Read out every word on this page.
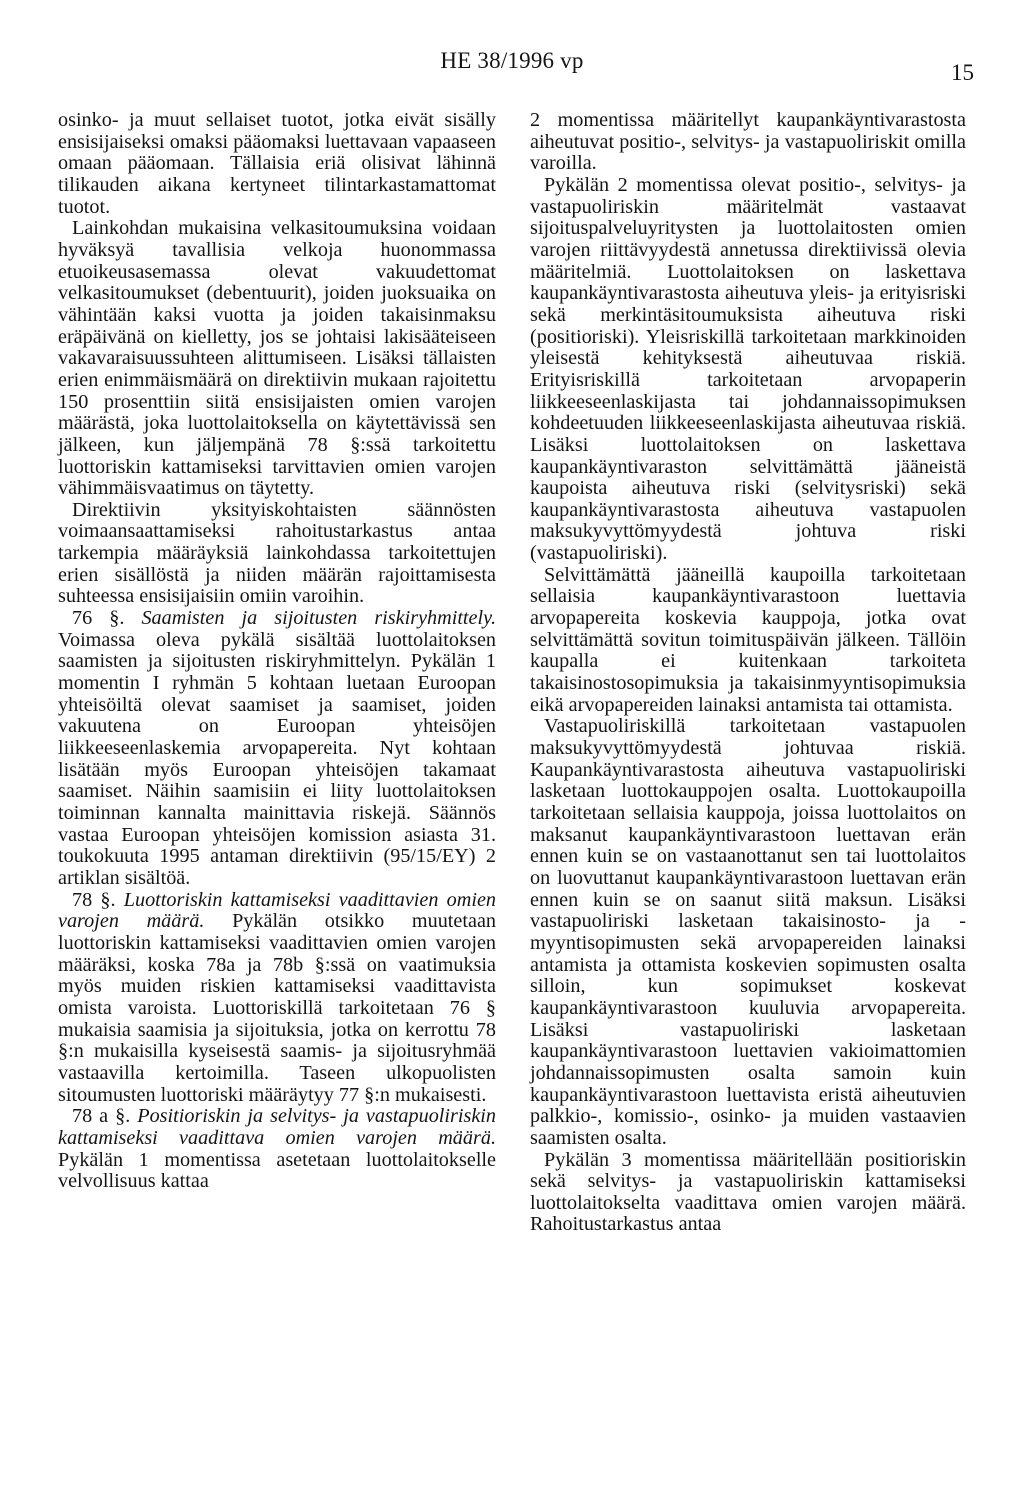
HE 38/1996 vp	15

osinko- ja muut sellaiset tuotot, jotka eivät sisälly ensisijaiseksi omaksi pääomaksi luettavaan vapaaseen omaan pääomaan. Tällaisia eriä olisivat lähinnä tilikauden aikana kertyneet tilintarkastamattomat tuotot.

Lainkohdan mukaisina velkasitoumuksina voidaan hyväksyä tavallisia velkoja huonommassa etuoikeusasemassa olevat vakuudettomat velkasitoumukset (debentuurit), joiden juoksuaika on vähintään kaksi vuotta ja joiden takaisinmaksu eräpäivänä on kielletty, jos se johtaisi lakisääteiseen vakavaraisuussuhteen alittumiseen. Lisäksi tällaisten erien enimmäismäärä on direktiivin mukaan rajoitettu 150 prosenttiin siitä ensisijaisten omien varojen määrästä, joka luottolaitoksella on käytettävissä sen jälkeen, kun jäljempänä 78 §:ssä tarkoitettu luottoriskin kattamiseksi tarvittavien omien varojen vähimmäisvaatimus on täytetty.

Direktiivin yksityiskohtaisten säännösten voimaansaattamiseksi rahoitustarkastus antaa tarkempia määräyksiä lainkohdassa tarkoitettujen erien sisällöstä ja niiden määrän rajoittamisesta suhteessa ensisijaisiin omiin varoihin.

76 §. Saamisten ja sijoitusten riskiryhmittely. Voimassa oleva pykälä sisältää luottolaitoksen saamisten ja sijoitusten riskiryhmittelyn. Pykälän 1 momentin I ryhmän 5 kohtaan luetaan Euroopan yhteisöiltä olevat saamiset ja saamiset, joiden vakuutena on Euroopan yhteisöjen liikkeeseenlaskemia arvopapereita. Nyt kohtaan lisätään myös Euroopan yhteisöjen takamaat saamiset. Näihin saamisiin ei liity luottolaitoksen toiminnan kannalta mainittavia riskejä. Säännös vastaa Euroopan yhteisöjen komission asiasta 31. toukokuuta 1995 antaman direktiivin (95/15/EY) 2 artiklan sisältöä.

78 §. Luottoriskin kattamiseksi vaadittavien omien varojen määrä. Pykälän otsikko muutetaan luottoriskin kattamiseksi vaadittavien omien varojen määräksi, koska 78a ja 78b §:ssä on vaatimuksia myös muiden riskien kattamiseksi vaadittavista omista varoista. Luottoriskillä tarkoitetaan 76 § mukaisia saamisia ja sijoituksia, jotka on kerrottu 78 §:n mukaisilla kyseisestä saamis- ja sijoitusryhmää vastaavilla kertoimilla. Taseen ulkopuolisten sitoumusten luottoriski määräytyy 77 §:n mukaisesti.

78 a §. Positioriskin ja selvitys- ja vastapuoliriskin kattamiseksi vaadittava omien varojen määrä. Pykälän 1 momentissa asetetaan luottolaitokselle velvollisuus kattaa

2 momentissa määritellyt kaupankäyntivarastosta aiheutuvat positio-, selvitys- ja vastapuoliriskit omilla varoilla.

Pykälän 2 momentissa olevat positio-, selvitys- ja vastapuoliriskin määritelmät vastaavat sijoituspalveluyritysten ja luottolaitosten omien varojen riittävyydestä annetussa direktiivissä olevia määritelmiä. Luottolaitoksen on laskettava kaupankäyntivarastosta aiheutuva yleis- ja erityisriski sekä merkintäsitoumuksista aiheutuva riski (positioriski). Yleisriskillä tarkoitetaan markkinoiden yleisestä kehityksestä aiheutuvaa riskiä. Erityisriskillä tarkoitetaan arvopaperin liikkeeseenlaskijasta tai johdannaissopimuksen kohdeetuuden liikkeeseenlaskijasta aiheutuvaa riskiä. Lisäksi luottolaitoksen on laskettava kaupankäyntivaraston selvittämättä jääneistä kaupoista aiheutuva riski (selvitysriski) sekä kaupankäyntivarastosta aiheutuva vastapuolen maksukyvyttömyydestä johtuva riski (vastapuoliriski).

Selvittämättä jääneillä kaupoilla tarkoitetaan sellaisia kaupankäyntivarastoon luettavia arvopapereita koskevia kauppoja, jotka ovat selvittämättä sovitun toimituspäivän jälkeen. Tällöin kaupalla ei kuitenkaan tarkoiteta takaisinostosopimuksia ja takaisinmyyntisopimuksia eikä arvopapereiden lainaksi antamista tai ottamista.

Vastapuoliriskillä tarkoitetaan vastapuolen maksukyvyttömyydestä johtuvaa riskiä. Kaupankäyntivarastosta aiheutuva vastapuoliriski lasketaan luottokauppojen osalta. Luottokaupoilla tarkoitetaan sellaisia kauppoja, joissa luottolaitos on maksanut kaupankäyntivarastoon luettavan erän ennen kuin se on vastaanottanut sen tai luottolaitos on luovuttanut kaupankäyntivarastoon luettavan erän ennen kuin se on saanut siitä maksun. Lisäksi vastapuoliriski lasketaan takaisinosto- ja -myyntisopimusten sekä arvopapereiden lainaksi antamista ja ottamista koskevien sopimusten osalta silloin, kun sopimukset koskevat kaupankäyntivarastoon kuuluvia arvopapereita. Lisäksi vastapuoliriski lasketaan kaupankäyntivarastoon luettavien vakioimattomien johdannaissopimusten osalta samoin kuin kaupankäyntivarastoon luettavista eristä aiheutuvien palkkio-, komissio-, osinko- ja muiden vastaavien saamisten osalta.

Pykälän 3 momentissa määritellään positioriskin sekä selvitys- ja vastapuoliriskin kattamiseksi luottolaitokselta vaadittava omien varojen määrä. Rahoitustarkastus antaa
